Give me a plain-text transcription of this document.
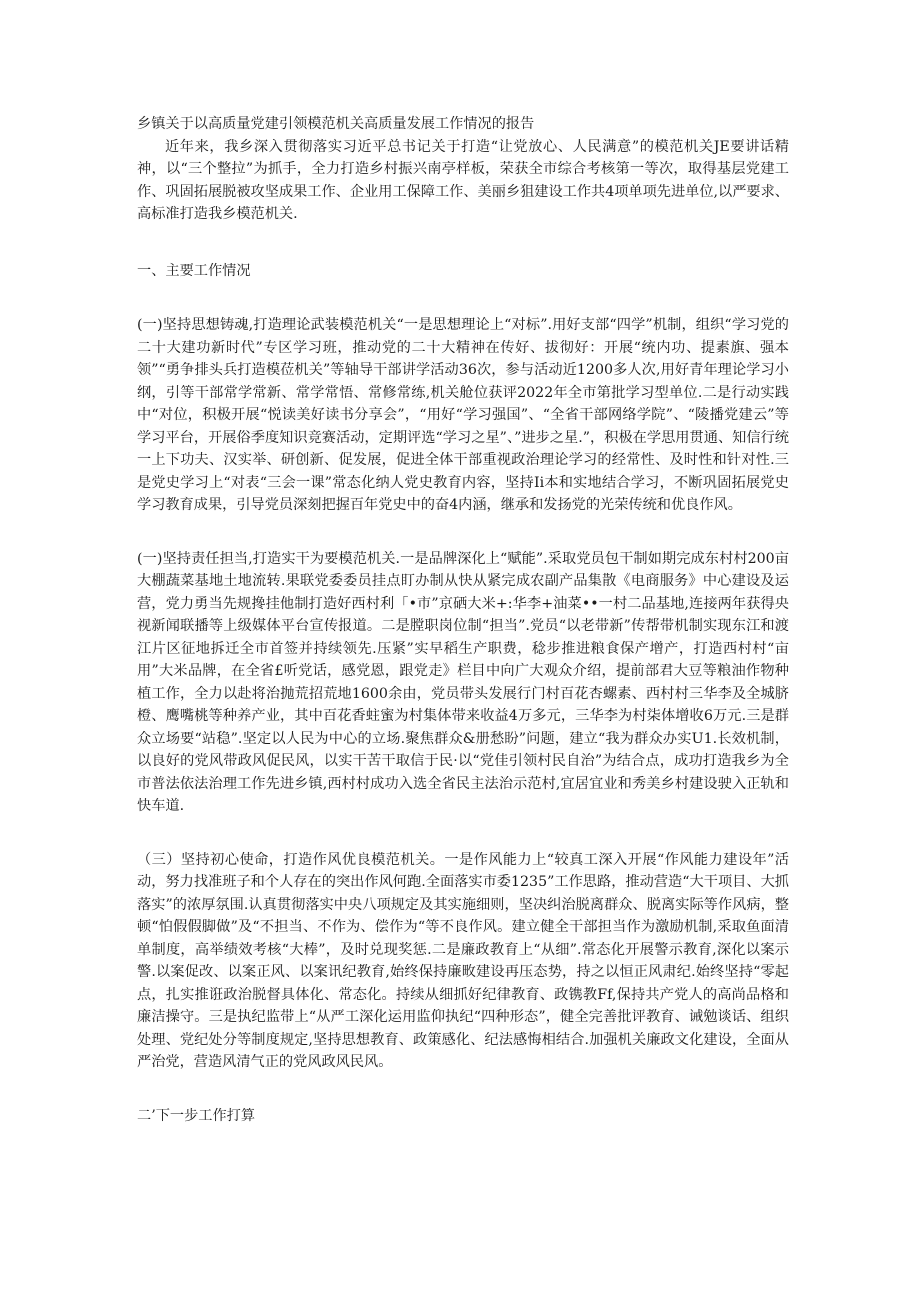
乡镇关于以高质量党建引领模范机关高质量发展工作情况的报告

近年来，我乡深入贯彻落实习近平总书记关于打造“让党放心、人民满意”的模范机关JE要讲话精神，以“三个整拉”为抓手，全力打造乡村振兴南亭样板，荣获全市综合考核第一等次，取得基层党建工作、巩固拓展脱被攻坚成果工作、企业用工保障工作、美丽乡狙建设工作共4项单项先进单位,以严要求、高标准打造我乡模范机关.

一、主要工作情况

(一)坚持思想铸魂,打造理论武装模范机关“一是思想理论上“对标”.用好支部“四学”机制，组织“学习党的二十大建功新时代”专区学习班，推动党的二十大精神在传好、拔彻好：开展“统内功、提素旗、强本领”“勇争排头兵打造模莅机关”等轴导干部讲学活动36次，参与活动近1200多人次,用好青年理论学习小纲，引等干部常学常新、常学常悟、常修常练,机关舱位获评2022年全市第批学习型单位.二是行动实践中“对位，积极开展“悦读美好读书分享会”，“用好“学习强国”、“全省干部网络学院”、“陵播党建云”等学习平台，开展俗季度知识竞赛活动，定期评选“学习之星”、”进步之星.”，积极在学思用贯通、知信行统一上下功夫、汉实举、研创新、促发展，促进全体干部重视政治理论学习的经常性、及时性和针对性.三是党史学习上“对表“三会一课”常态化纳人党史教育内容，坚持Ii本和实地结合学习，不断巩固拓展党史学习教育成果，引导党员深刻把握百年党史中的奋4内涵，继承和发扬党的光荣传统和优良作风。

(一)坚持责任担当,打造实干为要模范机关.一是品牌深化上“赋能”.采取党员包干制如期完成东村村200亩大棚蔬菜基地土地流转.果联党委委员挂点盯办制从快从紧完成农副产品集散《电商服务》中心建设及运营，党力勇当先规搀挂他制打造好西村利「•市”京硒大米+:华李+油菜••一村二品基地,连接两年获得央视新闻联播等上级媒体平台宣传报道。二是膛职岗位制“担当”.党员“以老带新”传帮带机制实现东江和渡江片区征地拆迁全市首签并持续领先.压紧”实早稻生产职费，稔步推进粮食保产增产，打造西村村“亩用”大米品牌，在全省£听党话，感党恩，跟党走》栏目中向广大观众介绍，提前部君大豆等粮油作物种植工作，全力以赴将治抛荒招荒地1600余由，党员带头发展行门村百花杏螺素、西村村三华李及全城脐橙、鹰嘴桃等种养产业，其中百花香蛀蜜为村集体带来收益4万多元，三华李为村柒体增收6万元.三是群众立场要“站稳”.坚定以人民为中心的立场.聚焦群众&册愁盼”问题，建立“我为群众办实U1.长效机制，以良好的党风带政风促民风，以实干苦干取信于民·以“党佳引领村民自治”为结合点，成功打造我乡为全市普法依法治理工作先进乡镇,西村村成功入选全省民主法治示范村,宜居宜业和秀美乡村建设驶入正轨和快车道.

（三）坚持初心使命，打造作风优良模范机关。一是作风能力上“较真工深入开展“作风能力建设年”活动，努力找准班子和个人存在的突出作风何跑.全面落实市委1235”工作思路，推动营造“大干项目、大抓落实”的浓厚氛围.认真贯彻落实中央八项规定及其实施细则，坚决纠治脱离群众、脱离实际等作风病，整顿“怕假假脚做”及“不担当、不作为、偿作为“等不良作风。建立健全干部担当作为激励机制,采取鱼面清单制度，高举绩效考核“大棒”，及时兑现奖惩.二是廉政教育上“从细”.常态化开展警示教育,深化以案示警.以案促改、以案正风、以案讯纪教育,始终保持廉畋建设再压态势，持之以恒正风肃纪.始终坚持“零起点，扎实推诳政治脱督具体化、常态化。持续从细抓好纪律教育、政镌教Ff,保持共产党人的高尚品格和廉洁操守。三是执纪监带上“从严工深化运用监仰执纪“四种形态”，健全完善批评教育、诫勉谈话、组织处理、党纪处分等制度规定,坚持思想教育、政策感化、纪法感悔相结合.加强机关廉政文化建设，全面从严治党，营造风清气正的党风政风民风。

二’下一步工作打算
